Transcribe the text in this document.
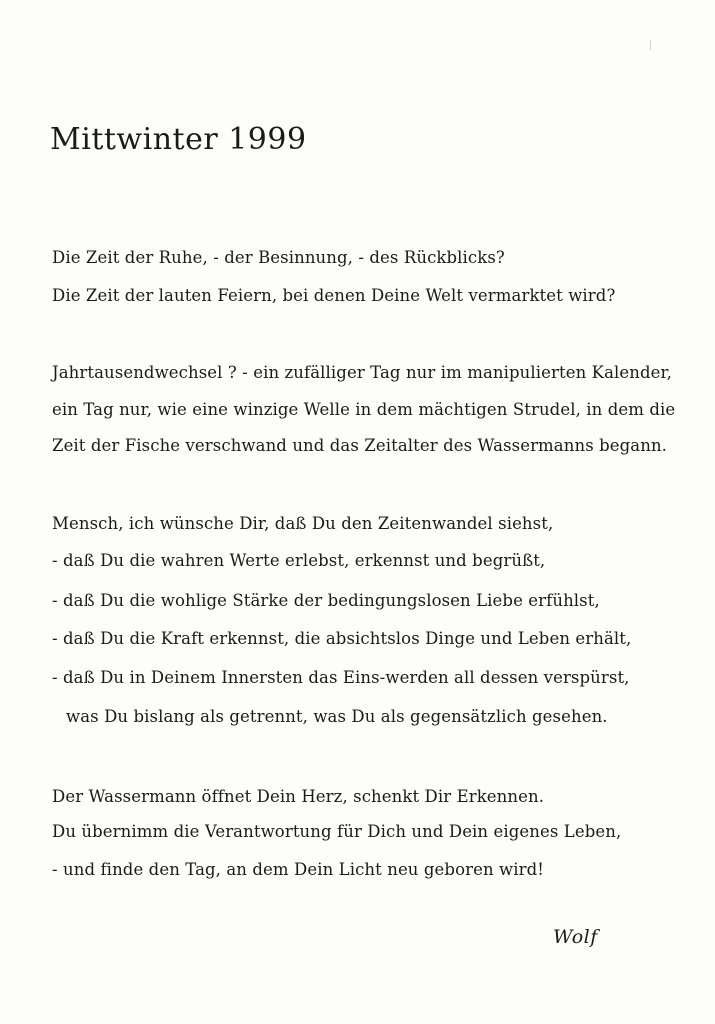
Mittwinter 1999
Die Zeit der Ruhe, - der Besinnung, - des Rückblicks?
Die Zeit der lauten Feiern, bei denen Deine Welt vermarktet wird?
Jahrtausendwechsel ? - ein zufälliger Tag nur im manipulierten Kalender,
ein Tag nur, wie eine winzige Welle in dem mächtigen Strudel, in dem die
Zeit der Fische verschwand und das Zeitalter des Wassermanns begann.
Mensch, ich wünsche Dir, daß Du den Zeitenwandel siehst,
- daß Du die wahren Werte erlebst, erkennst und begrüßt,
- daß Du die wohlige Stärke der bedingungslosen Liebe erfühlst,
- daß Du die Kraft erkennst, die absichtslos Dinge und Leben erhält,
- daß Du in Deinem Innersten das Eins-werden all dessen verspürst,
was Du bislang als getrennt, was Du als gegensätzlich gesehen.
Der Wassermann öffnet Dein Herz, schenkt Dir Erkennen.
Du übernimm die Verantwortung für Dich und Dein eigenes Leben,
- und finde den Tag, an dem Dein Licht neu geboren wird!
Wolf
